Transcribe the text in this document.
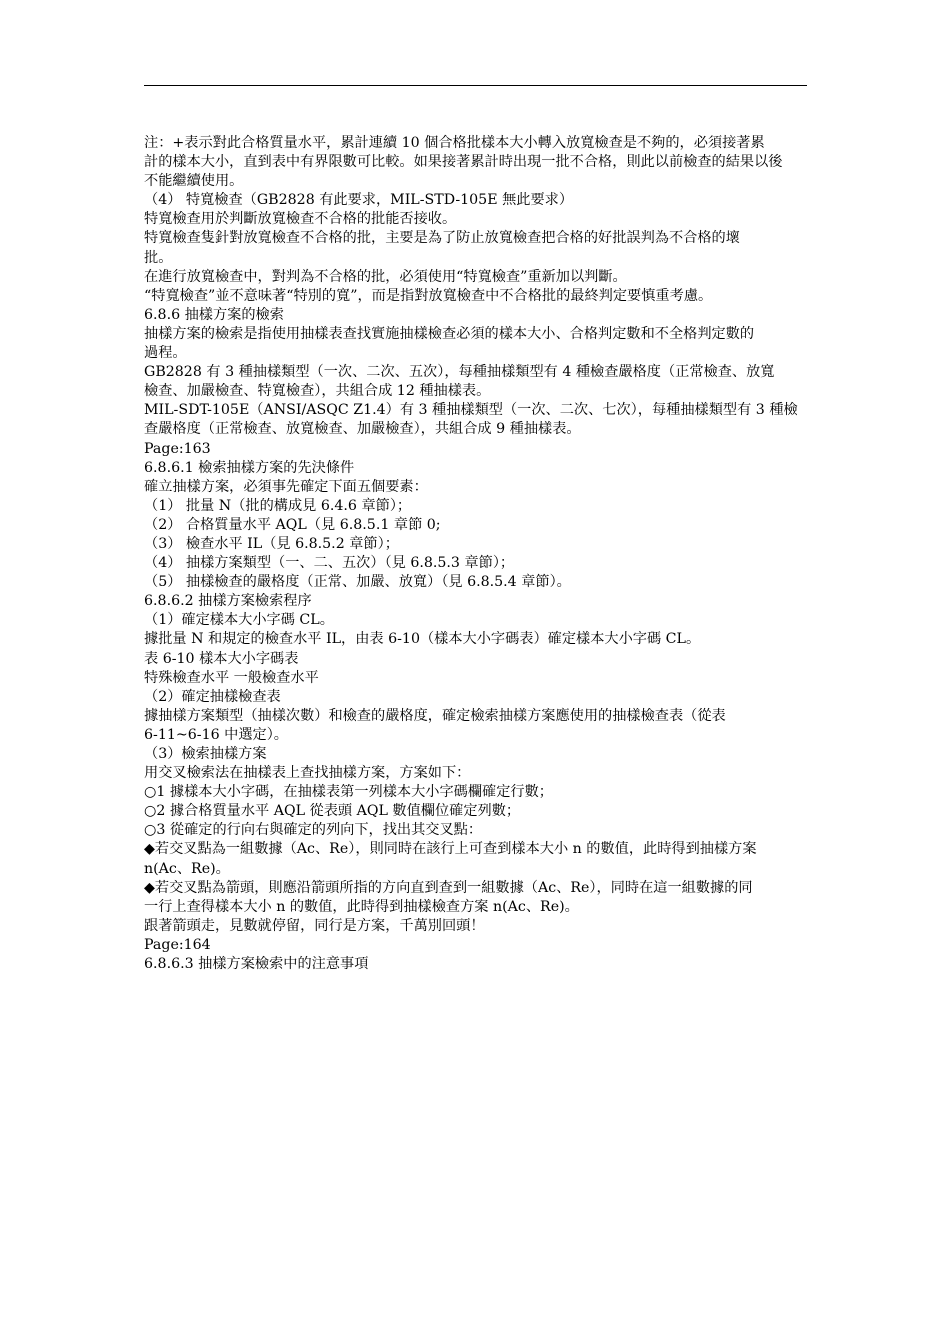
注：+表示對此合格質量水平，累計連續 10 個合格批樣本大小轉入放寬檢查是不夠的，必須接著累

計的樣本大小，直到表中有界限數可比較。如果接著累計時出現一批不合格，則此以前檢查的結果以後

不能繼續使用。

（4） 特寬檢查（GB2828 有此要求，MIL-STD-105E 無此要求）

特寬檢查用於判斷放寬檢查不合格的批能否接收。

特寬檢查隻針對放寬檢查不合格的批，主要是為了防止放寬檢查把合格的好批誤判為不合格的壞

批。

在進行放寬檢查中，對判為不合格的批，必須使用“特寬檢查”重新加以判斷。

“特寬檢查”並不意味著“特別的寬”，而是指對放寬檢查中不合格批的最終判定要慎重考慮。

6.8.6 抽樣方案的檢索

抽樣方案的檢索是指使用抽樣表查找實施抽樣檢查必須的樣本大小、合格判定數和不全格判定數的

過程。

GB2828 有 3 種抽樣類型（一次、二次、五次），每種抽樣類型有 4 種檢查嚴格度（正常檢查、放寬

檢查、加嚴檢查、特寬檢查），共組合成 12 種抽樣表。

MIL-SDT-105E（ANSI/ASQC Z1.4）有 3 種抽樣類型（一次、二次、七次），每種抽樣類型有 3 種檢

查嚴格度（正常檢查、放寬檢查、加嚴檢查），共組合成 9 種抽樣表。

Page:163

6.8.6.1 檢索抽樣方案的先決條件

確立抽樣方案，必須事先確定下面五個要素：

（1） 批量 N（批的構成見 6.4.6 章節）；

（2） 合格質量水平 AQL（見 6.8.5.1 章節 0;

（3） 檢查水平 IL（見 6.8.5.2 章節）；

（4） 抽樣方案類型（一、二、五次）（見 6.8.5.3 章節）；

（5） 抽樣檢查的嚴格度（正常、加嚴、放寬）（見 6.8.5.4 章節）。

6.8.6.2 抽樣方案檢索程序

（1）確定樣本大小字碼 CL。

據批量 N 和規定的檢查水平 IL，由表 6-10（樣本大小字碼表）確定樣本大小字碼 CL。

表 6-10 樣本大小字碼表

特殊檢查水平 一般檢查水平

（2）確定抽樣檢查表

據抽樣方案類型（抽樣次數）和檢查的嚴格度，確定檢索抽樣方案應使用的抽樣檢查表（從表

6-11~6-16 中選定）。

（3）檢索抽樣方案

用交叉檢索法在抽樣表上查找抽樣方案，方案如下：

○1 據樣本大小字碼，在抽樣表第一列樣本大小字碼欄確定行數；

○2 據合格質量水平 AQL 從表頭 AQL 數值欄位確定列數；

○3 從確定的行向右與確定的列向下，找出其交叉點：

◆若交叉點為一組數據（Ac、Re），則同時在該行上可查到樣本大小 n 的數值，此時得到抽樣方案

n(Ac、Re)。

◆若交叉點為箭頭，則應沿箭頭所指的方向直到查到一組數據（Ac、Re），同時在這一組數據的同

一行上查得樣本大小 n 的數值，此時得到抽樣檢查方案 n(Ac、Re)。

跟著箭頭走，見數就停留，同行是方案，千萬別回頭！

Page:164

6.8.6.3 抽樣方案檢索中的注意事項
